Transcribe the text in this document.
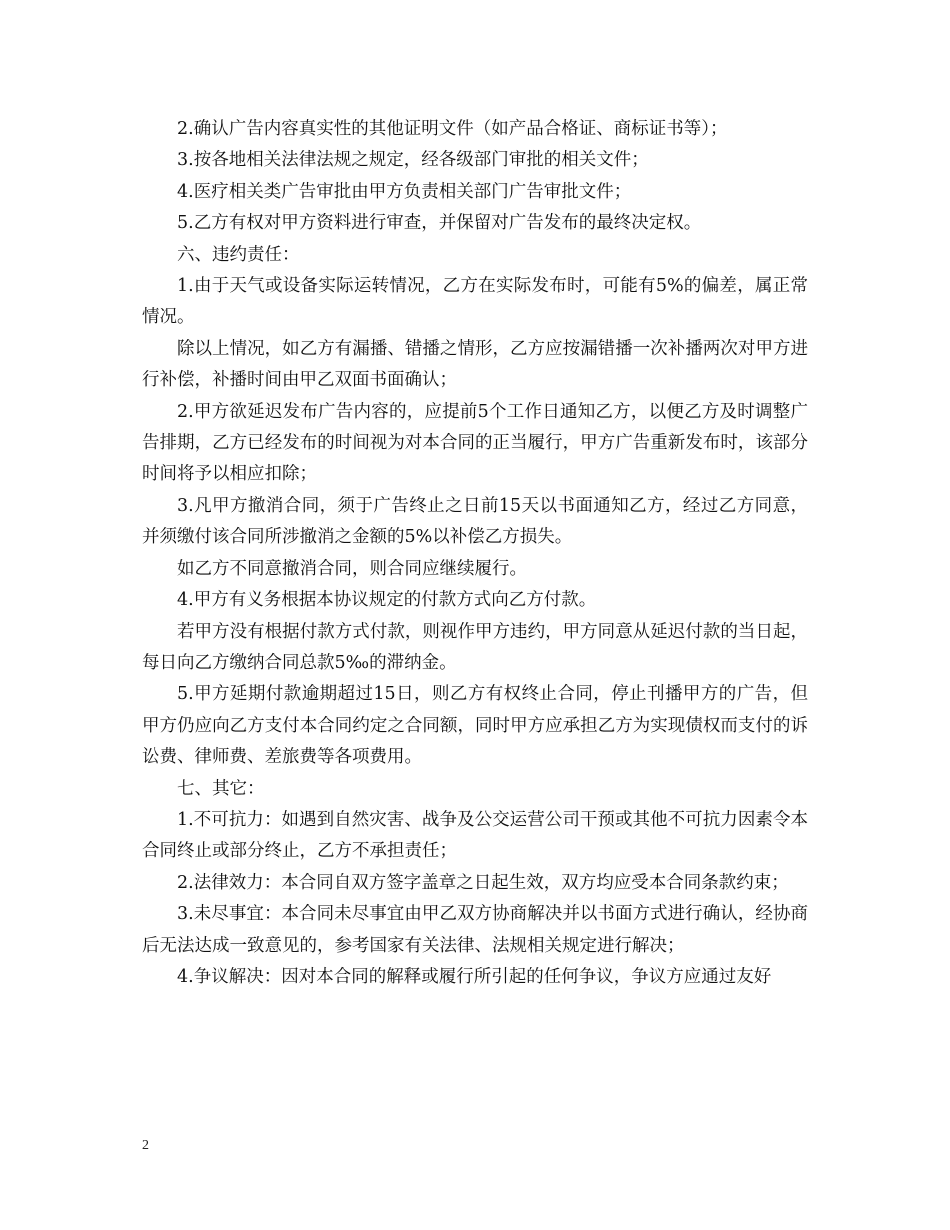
2.确认广告内容真实性的其他证明文件（如产品合格证、商标证书等）；

3.按各地相关法律法规之规定，经各级部门审批的相关文件；

4.医疗相关类广告审批由甲方负责相关部门广告审批文件；

5.乙方有权对甲方资料进行审查，并保留对广告发布的最终决定权。

六、违约责任：

1.由于天气或设备实际运转情况，乙方在实际发布时，可能有5%的偏差，属正常情况。

除以上情况，如乙方有漏播、错播之情形，乙方应按漏错播一次补播两次对甲方进行补偿，补播时间由甲乙双面书面确认；

2.甲方欲延迟发布广告内容的，应提前5个工作日通知乙方，以便乙方及时调整广告排期，乙方已经发布的时间视为对本合同的正当履行，甲方广告重新发布时，该部分时间将予以相应扣除；

3.凡甲方撤消合同，须于广告终止之日前15天以书面通知乙方，经过乙方同意，并须缴付该合同所涉撤消之金额的5%以补偿乙方损失。

如乙方不同意撤消合同，则合同应继续履行。

4.甲方有义务根据本协议规定的付款方式向乙方付款。

若甲方没有根据付款方式付款，则视作甲方违约，甲方同意从延迟付款的当日起，每日向乙方缴纳合同总款5‰的滞纳金。

5.甲方延期付款逾期超过15日，则乙方有权终止合同，停止刊播甲方的广告，但甲方仍应向乙方支付本合同约定之合同额，同时甲方应承担乙方为实现债权而支付的诉讼费、律师费、差旅费等各项费用。

七、其它：

1.不可抗力：如遇到自然灾害、战争及公交运营公司干预或其他不可抗力因素令本合同终止或部分终止，乙方不承担责任；

2.法律效力：本合同自双方签字盖章之日起生效，双方均应受本合同条款约束；

3.未尽事宜：本合同未尽事宜由甲乙双方协商解决并以书面方式进行确认，经协商后无法达成一致意见的，参考国家有关法律、法规相关规定进行解决；

4.争议解决：因对本合同的解释或履行所引起的任何争议，争议方应通过友好

2
